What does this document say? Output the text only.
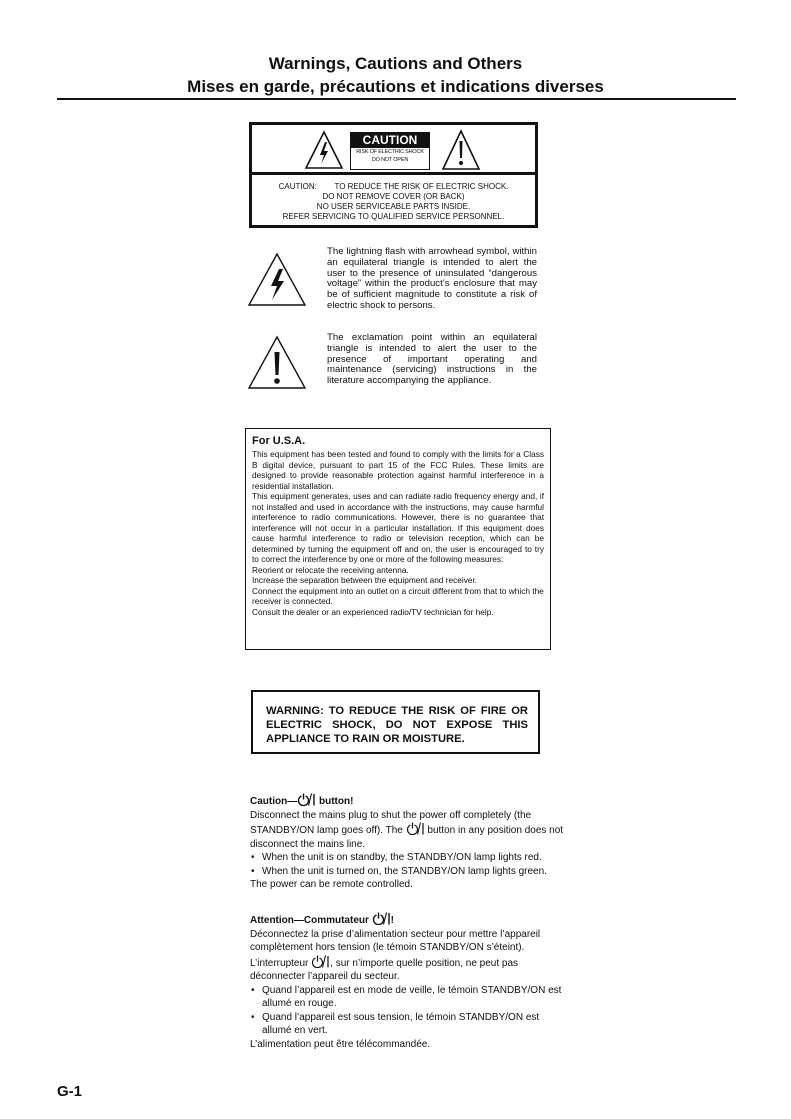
Warnings, Cautions and Others
Mises en garde, précautions et indications diverses
CAUTION
RISK OF ELECTRIC SHOCK
DO NOT OPEN
CAUTION:        TO REDUCE THE RISK OF ELECTRIC SHOCK.
DO NOT REMOVE COVER (OR BACK)
NO USER SERVICEABLE PARTS INSIDE.
REFER SERVICING TO QUALIFIED SERVICE PERSONNEL.
The lightning flash with arrowhead symbol, within an equilateral triangle is intended to alert the user to the presence of uninsulated “dangerous voltage” within the product’s enclosure that may be of sufficient magnitude to constitute a risk of electric shock to persons.
The exclamation point within an equilateral triangle is intended to alert the user to the presence of important operating and maintenance (servicing) instructions in the literature accompanying the appliance.
For U.S.A.
This equipment has been tested and found to comply with the limits for a Class B digital device, pursuant to part 15 of the FCC Rules. These limits are designed to provide reasonable protection against harmful interference in a residential installation.
This equipment generates, uses and can radiate radio frequency energy and, if not installed and used in accordance with the instructions, may cause harmful interference to radio communications. However, there is no guarantee that interference will not occur in a particular installation. If this equipment does cause harmful interference to radio or television reception, which can be determined by turning the equipment off and on, the user is encouraged to try to correct the interference by one or more of the following measures:
Reorient or relocate the receiving antenna.
Increase the separation between the equipment and receiver.
Connect the equipment into an outlet on a circuit different from that to which the receiver is connected.
Consult the dealer or an experienced radio/TV technician for help.

WARNING: TO REDUCE THE RISK OF FIRE OR ELECTRIC SHOCK, DO NOT EXPOSE THIS APPLIANCE TO RAIN OR MOISTURE.

Caution— button!
Disconnect the mains plug to shut the power off completely (the STANDBY/ON lamp goes off). The  button in any position does not disconnect the mains line.
• When the unit is on standby, the STANDBY/ON lamp lights red.
• When the unit is turned on, the STANDBY/ON lamp lights green.
The power can be remote controlled.
Attention—Commutateur !
Déconnectez la prise d’alimentation secteur pour mettre l’appareil complètement hors tension (le témoin STANDBY/ON s’éteint).
L’interrupteur , sur n’importe quelle position, ne peut pas déconnecter l’appareil du secteur.
• Quand l’appareil est en mode de veille, le témoin STANDBY/ON est allumé en rouge.
• Quand l’appareil est sous tension, le témoin STANDBY/ON est allumé en vert.
L’alimentation peut être télécommandée.
G-1
